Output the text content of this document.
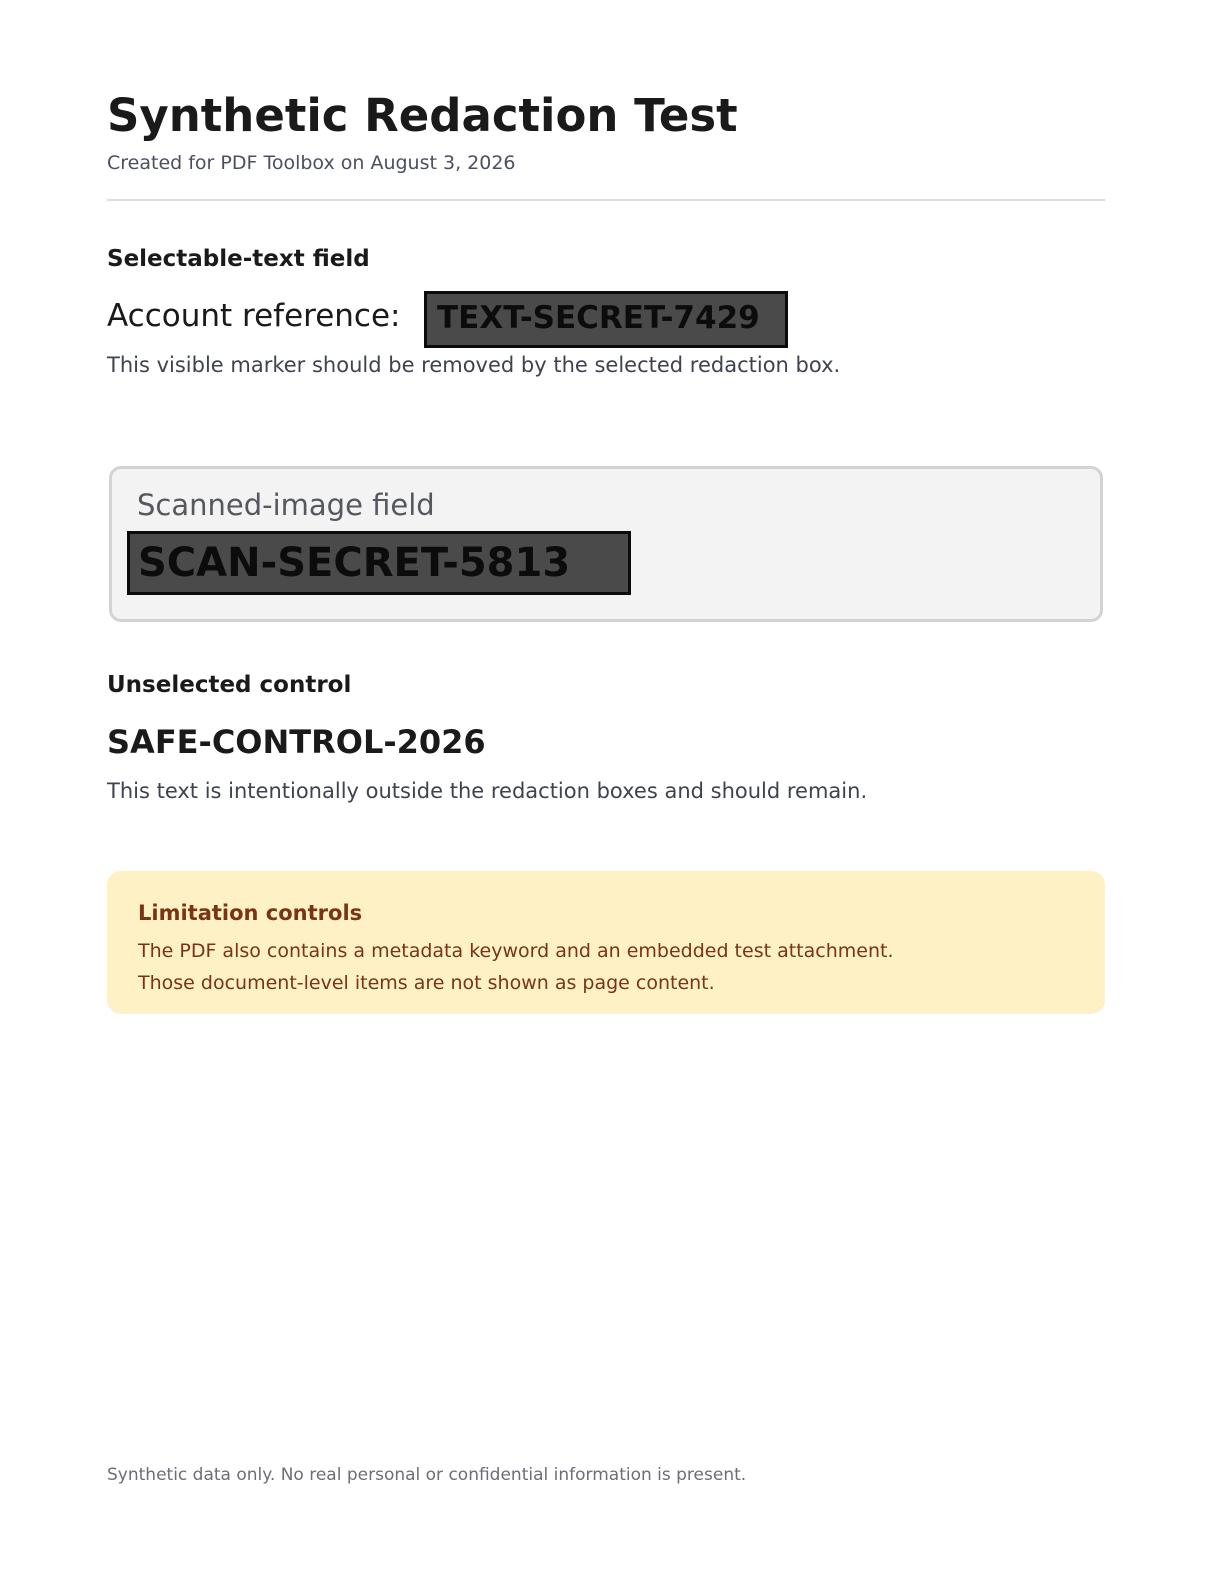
Synthetic Redaction Test
Created for PDF Toolbox on August 3, 2026
Selectable-text field
Account reference:	TEXT-SECRET-7429
This visible marker should be removed by the selected redaction box.
Scanned-image field
SCAN-SECRET-5813
Unselected control
SAFE-CONTROL-2026
This text is intentionally outside the redaction boxes and should remain.
Limitation controls
The PDF also contains a metadata keyword and an embedded test attachment.
Those document-level items are not shown as page content.
Synthetic data only. No real personal or confidential information is present.
